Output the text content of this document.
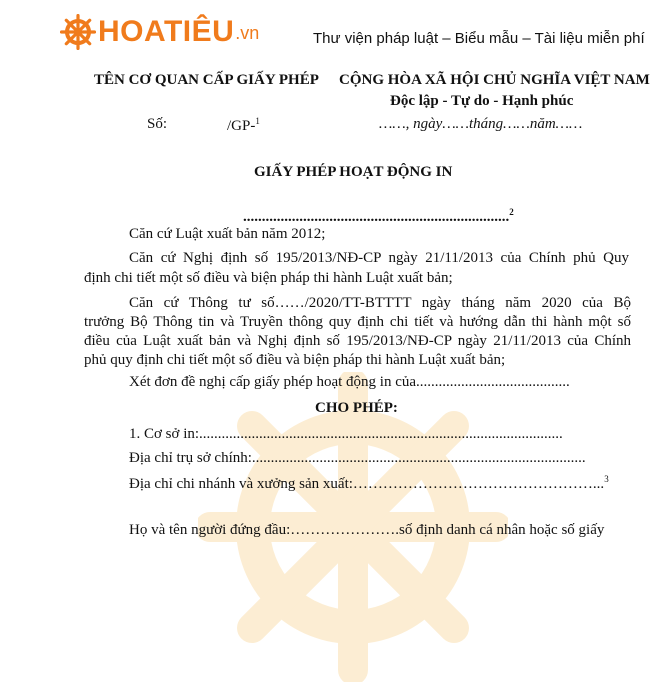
HOATIÊU .vn	Thư viện pháp luật – Biểu mẫu – Tài liệu miễn phí
TÊN CƠ QUAN CẤP GIẤY PHÉP
Số:	/GP-$^1$
CỘNG HÒA XÃ HỘI CHỦ NGHĨA VIỆT NAM
Độc lập - Tự do - Hạnh phúc
……, ngày……tháng……năm……
GIẤY PHÉP HOẠT ĐỘNG IN
.......................................................................$^2$
Căn cứ Luật xuất bản năm 2012;
Căn cứ Nghị định số 195/2013/NĐ-CP ngày 21/11/2013 của Chính phủ Quy
định chi tiết một số điều và biện pháp thi hành Luật xuất bản;
Căn cứ Thông tư số……/2020/TT-BTTTT ngày tháng năm 2020 của Bộ
trưởng Bộ Thông tin và Truyền thông quy định chi tiết và hướng dẫn thi hành một số
điều của Luật xuất bản và Nghị định số 195/2013/NĐ-CP ngày 21/11/2013 của Chính
phủ quy định chi tiết một số điều và biện pháp thi hành Luật xuất bản;
Xét đơn đề nghị cấp giấy phép hoạt động in của.........................................
CHO PHÉP:
1. Cơ sở in:.................................................................................................
Địa chỉ trụ sở chính:.........................................................................................
Địa chỉ chi nhánh và xưởng sản xuất:…………………………………………...$^3$
Họ và tên người đứng đầu:………………….số định danh cá nhân hoặc số giấy
